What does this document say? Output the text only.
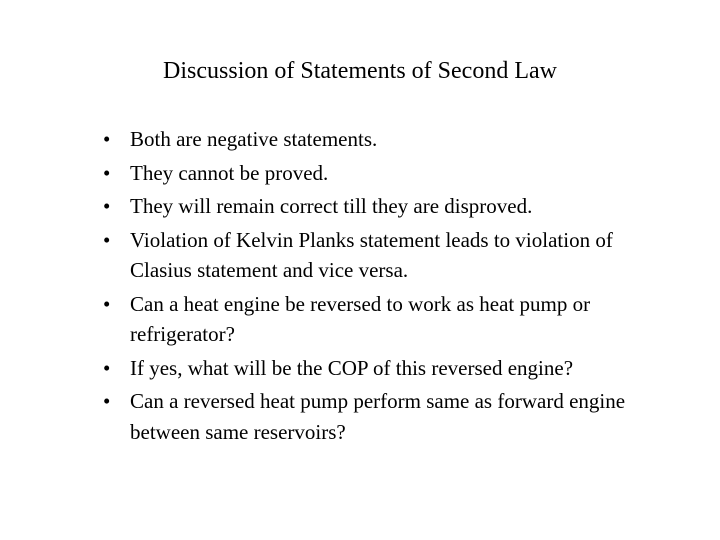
Discussion of Statements of Second Law
• Both are negative statements.
• They cannot be proved.
• They will remain correct till they are disproved.
• Violation of Kelvin Planks statement leads to violation of
Clasius statement and vice versa.
• Can a heat engine be reversed to work as heat pump or
refrigerator?
• If yes, what will be the COP of this reversed engine?
• Can a reversed heat pump perform same as forward engine
between same reservoirs?
